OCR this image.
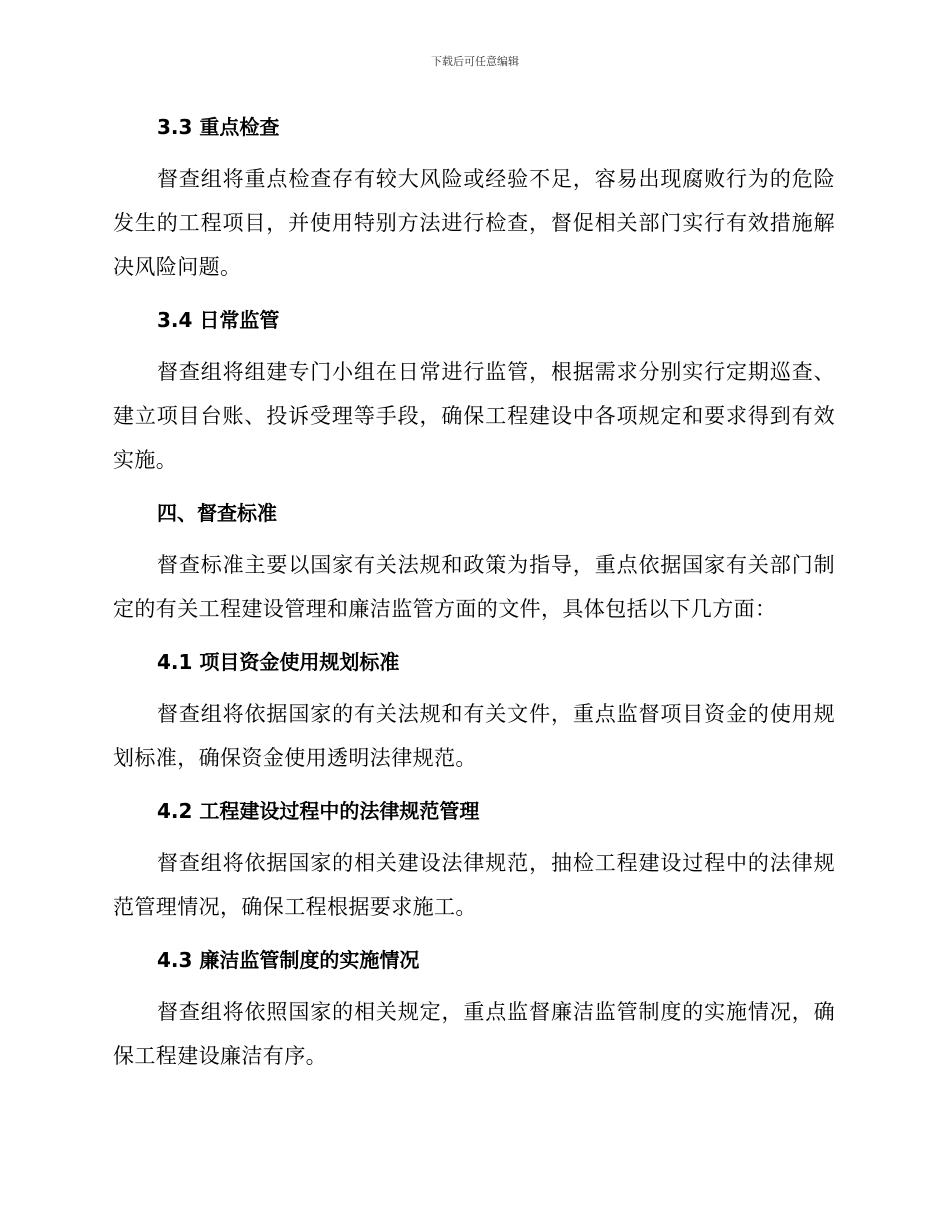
下载后可任意编辑
3.3 重点检查

督查组将重点检查存有较大风险或经验不足，容易出现腐败行为的危险发生的工程项目，并使用特别方法进行检查，督促相关部门实行有效措施解决风险问题。

3.4 日常监管

督查组将组建专门小组在日常进行监管，根据需求分别实行定期巡查、建立项目台账、投诉受理等手段，确保工程建设中各项规定和要求得到有效实施。

四、督查标准

督查标准主要以国家有关法规和政策为指导，重点依据国家有关部门制定的有关工程建设管理和廉洁监管方面的文件，具体包括以下几方面：

4.1 项目资金使用规划标准

督查组将依据国家的有关法规和有关文件，重点监督项目资金的使用规划标准，确保资金使用透明法律规范。

4.2 工程建设过程中的法律规范管理

督查组将依据国家的相关建设法律规范，抽检工程建设过程中的法律规范管理情况，确保工程根据要求施工。

4.3 廉洁监管制度的实施情况

督查组将依照国家的相关规定，重点监督廉洁监管制度的实施情况，确保工程建设廉洁有序。
